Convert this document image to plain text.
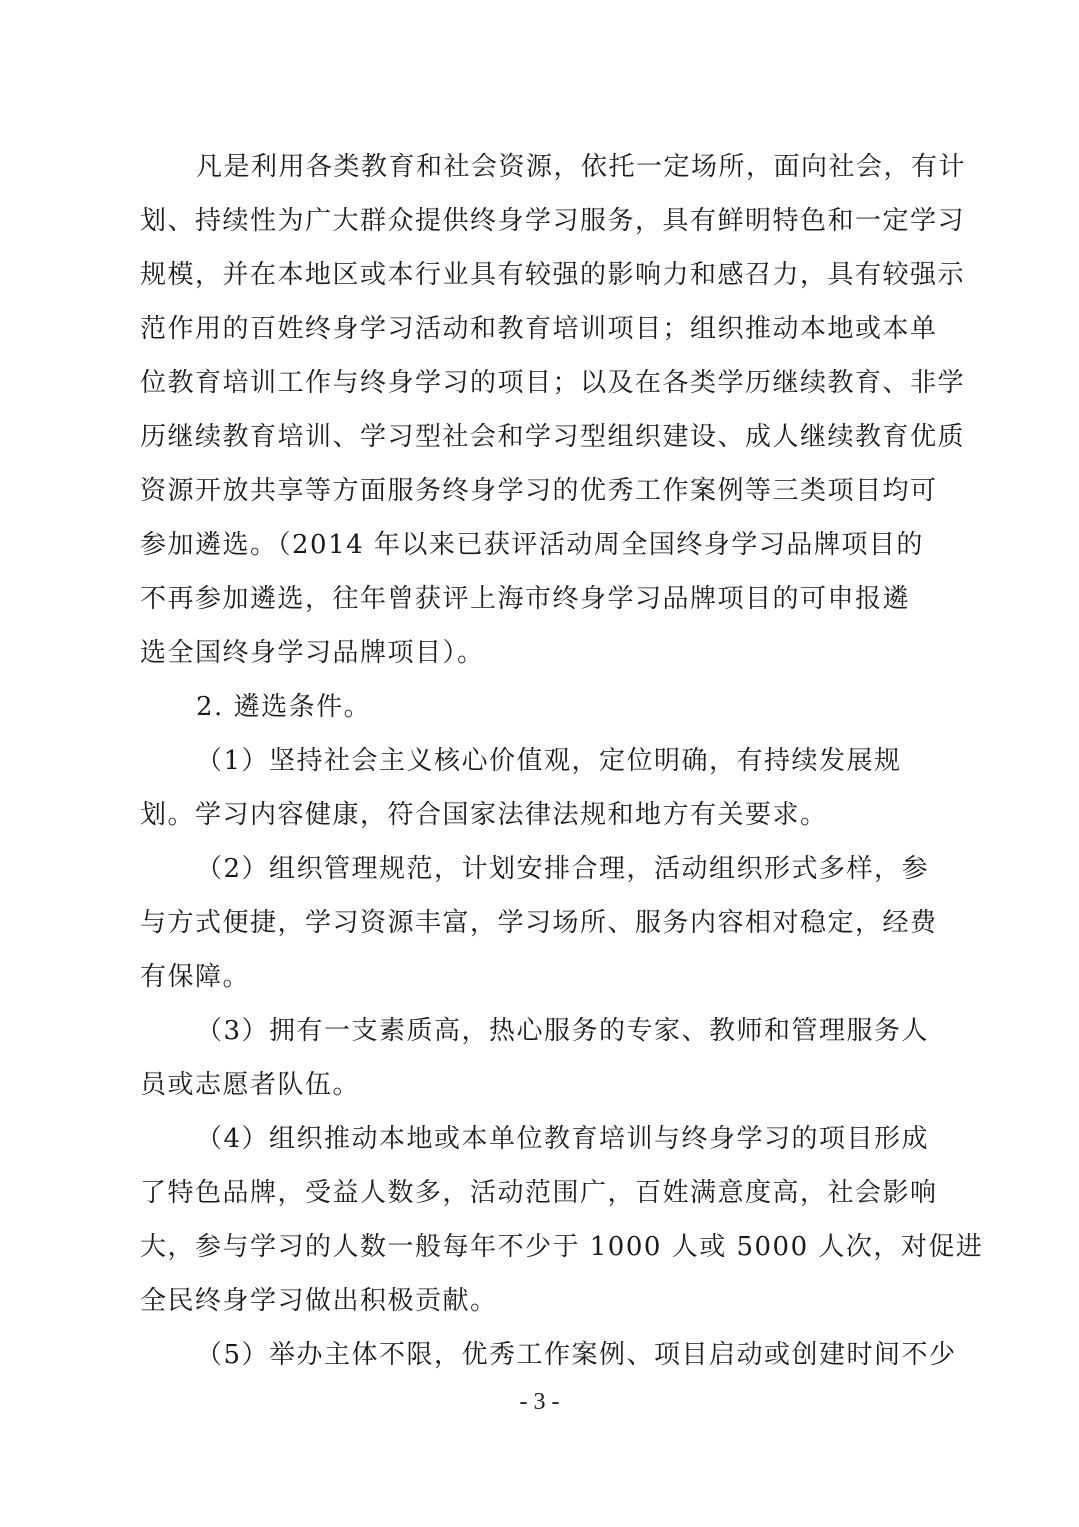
凡是利用各类教育和社会资源，依托一定场所，面向社会，有计
划、持续性为广大群众提供终身学习服务，具有鲜明特色和一定学习
规模，并在本地区或本行业具有较强的影响力和感召力，具有较强示
范作用的百姓终身学习活动和教育培训项目；组织推动本地或本单
位教育培训工作与终身学习的项目；以及在各类学历继续教育、非学
历继续教育培训、学习型社会和学习型组织建设、成人继续教育优质
资源开放共享等方面服务终身学习的优秀工作案例等三类项目均可
参加遴选。（2014 年以来已获评活动周全国终身学习品牌项目的
不再参加遴选，往年曾获评上海市终身学习品牌项目的可申报遴
选全国终身学习品牌项目）。
2. 遴选条件。
（1）坚持社会主义核心价值观，定位明确，有持续发展规
划。学习内容健康，符合国家法律法规和地方有关要求。
（2）组织管理规范，计划安排合理，活动组织形式多样，参
与方式便捷，学习资源丰富，学习场所、服务内容相对稳定，经费
有保障。
（3）拥有一支素质高，热心服务的专家、教师和管理服务人
员或志愿者队伍。
（4）组织推动本地或本单位教育培训与终身学习的项目形成
了特色品牌，受益人数多，活动范围广，百姓满意度高，社会影响
大，参与学习的人数一般每年不少于 1000 人或 5000 人次，对促进
全民终身学习做出积极贡献。
（5）举办主体不限，优秀工作案例、项目启动或创建时间不少
- 3 -
